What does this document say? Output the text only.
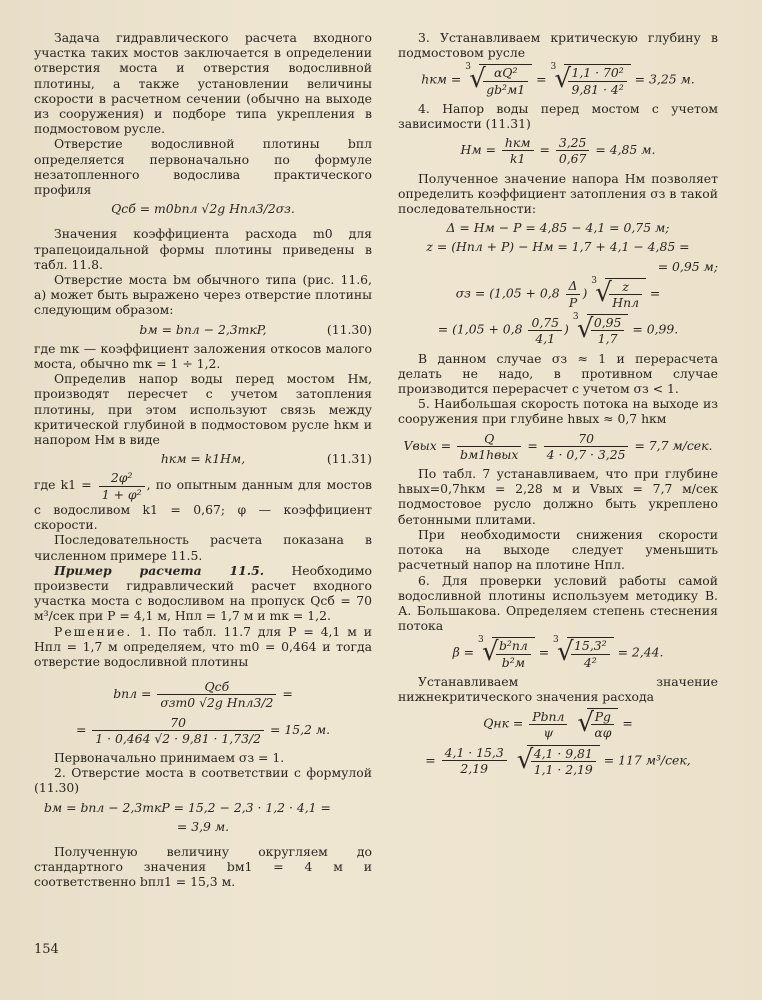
Задача гидравлического расчета входного участка таких мостов заключается в определении отверстия моста и отверстия водосливной плотины, а также установлении величины скорости в расчетном сечении (обычно на выходе из сооружения) и подборе типа укрепления в подмостовом русле.

Отверстие водосливной плотины bпл определяется первоначально по формуле незатопленного водослива практического профиля

Qсб = m0bпл √2g Hпл3/2σз.

Значения коэффициента расхода m0 для трапецоидальной формы плотины приведены в табл. 11.8.

Отверстие моста bм обычного типа (рис. 11.6, а) может быть выражено через отверстие плотины следующим образом:

bм = bпл − 2,3mкP,	(11.30)

где mк — коэффициент заложения откосов малого моста, обычно mк = 1 ÷ 1,2.

Определив напор воды перед мостом Hм, производят пересчет с учетом затопления плотины, при этом используют связь между критической глубиной в подмостовом русле hкм и напором Hм в виде

hкм = k1Hм,	(11.31)

где $k1 = \frac{\text{2φ²}}{\text{1 + φ²}}$ , по опытным данным для мостов с водосливом k1 = 0,67; φ — коэффициент скорости.

Последовательность расчета показана в численном примере 11.5.

Пример расчета 11.5. Необходимо произвести гидравлический расчет входного участка моста с водосливом на пропуск Qсб = 70 м³/сек при P = 4,1 м, Hпл = 1,7 м и mк = 1,2.

Решение. 1. По табл. 11.7 для P = 4,1 м и Hпл = 1,7 м определяем, что m0 = 0,464 и тогда отверстие водосливной плотины

bпл =	Qсб
σзm0 √2g Hпл3/2
=
= $\frac{70}{1 \cdot 0,464 √2 \cdot 9,81 \cdot 1,73/2} = 15,2$ м.

Первоначально принимаем σз = 1.

2. Отверстие моста в соответствии с формулой (11.30)

bм = bпл − 2,3mкP = 15,2 − 2,3 · 1,2 · 4,1 =
= 3,9 м.

Полученную величину округляем до стандартного значения bм1 = 4 м и соответственно bпл1 = 15,3 м.

3. Устанавливаем критическую глубину в подмостовом русле

hкм =
3
√ αQ²
gb²м1
=
3
√
$\frac{\text{1,1 · 70²}}{\text{9,81 · 4²}} = 3,25$ м.

4. Напор воды перед мостом с учетом зависимости (11.31)

Hм = hкм
k1
= $\frac{3,25}{0,67} = 4,85$ м.

Полученное значение напора Hм позволяет определить коэффициент затопления σз в такой последовательности:

Δ = Hм − P = 4,85 − 4,1 = 0,75 м;
z = (Hпл + P) − Hм = 1,7 + 4,1 − 4,85 =
= 0,95 м;
$\sigma з = (1,05 + 0,8 \frac{\Delta}{P}$ )
3
√ z
Hпл
=
= ($1,05 + 0,8 \frac{0,75}{4,1}$ )
3
√
$\frac{0,95}{1,7} = 0,99$.

В данном случае σз ≈ 1 и перерасчета делать не надо, в противном случае производится перерасчет с учетом σз < 1.

5. Наибольшая скорость потока на выходе из сооружения при глубине hвых ≈ 0,7 hкм

Vвых =	Q
bм1hвых
= $\frac{70}{4 \cdot 0,7 \cdot 3,25} = 7,7$ м/сек.

По табл. 7 устанавливаем, что при глубине hвых=0,7hкм = 2,28 м и Vвых = 7,7 м/сек подмостовое русло должно быть укреплено бетонными плитами.

При необходимости снижения скорости потока на выходе следует уменьшить расчетный напор на плотине Hпл.

6. Для проверки условий работы самой водосливной плотины используем методику В. А. Большакова. Определяем степень стеснения потока

β =
3
√ b²пл
b²м
=
3
√
$\frac{\text{15,3²}}{\text{4²}} = 2,44$.

Устанавливаем значение нижнекритического значения расхода

Qнк = Pbпл
ψ
√
$\frac{Pg}{\alpha\varphi}$ =
= $\frac{4,1 \cdot 15,3}{2,19}$
√
$\frac{4,1 \cdot 9,81}{1,1 \cdot 2,19} = 117$ м³/сек,
154
